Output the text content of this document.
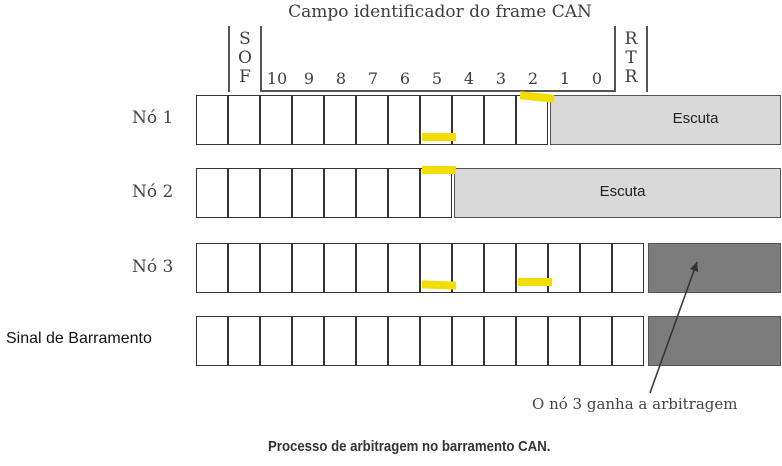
Campo identificador do frame CAN
S
O
F
R
T
R
10	9	8	7	6	5	4	3	2	1	0
Nó 1
Nó 2
Nó 3
Sinal de Barramento
Escuta
Escuta
O nó 3 ganha a arbitragem
Processo de arbitragem no barramento CAN.
